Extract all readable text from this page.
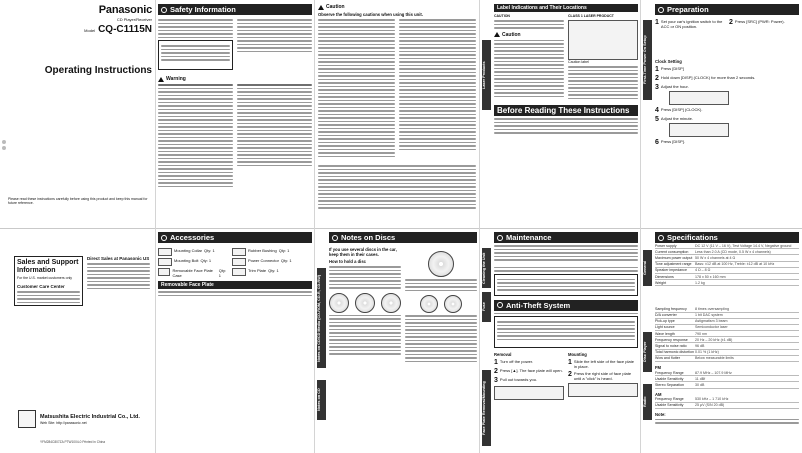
Panasonic
CD Player/Receiver
Model CQ-C1115N
Operating Instructions
Please read these instructions carefully before using this product and keep this manual for future reference.
Safety Information
Warning
Caution
Observe the following cautions when using this unit.
Laser Products
Label Indications and Their Locations
CAUTION
Caution
CLASS 1 LASER PRODUCT
Caution label
Before Reading These Instructions
First-Time Power On Setup
Preparation
1 Set your car's ignition switch to the ACC or ON position.
2 Press [SRC] (PWR: Power).
Clock Setting
1 Press [DISP]
2 Hold down [DISP] (CLOCK) for more than 2 seconds.
3 Adjust the hour.
4 Press [DISP] (CLOCK).
5 Adjust the minute.
6 Press [DISP].
Sales and Support Information
For the U.S. market customers only
Customer Care Center
Direct Sales at Panasonic US
Matsushita Electric Industrial Co., Ltd.
Web Site: http://panasonic.net
YFM284C807ZA PTW1004-0 Printed in China
Accessories
Mounting Collar Qty: 1
Mounting Bolt Qty: 1
Removable Face Plate Case
Qty: 1
Rubber Bushing Qty: 1
Power Connector Qty: 1
Trim Plate Qty: 1
Removable Face Plate	Notes on CD/CD Media (CD-ROM, CD-R, CD-RW)
Notes on CD
Notes on Discs
If you use several discs in the car, keep them in their cases.
How to hold a disc	Cleaning the Unit
Fuse
Face Plate Removal/Mounting
Maintenance
Anti-Theft System
Removal
1 Turn off the power.
2 Press [▲]. The face plate will open.
3 Pull out towards you.
Mounting
1 Slide the left side of the face plate in place.
2 Press the right side of face plate until a "click" is heard.
General
Disc Player
Radio
Specifications
Power supply	DC 12 V (11 V – 16 V), Test Voltage 14.4 V, Negative ground
Current consumption	Less than 2.0 A (CD mode, 0.5 W x 4 channels)
Maximum power output 50 W x 4 channels at 4 Ω
Tone adjustment range Bass: ±12 dB at 100 Hz, Treble: ±12 dB at 10 kHz
Speaker impedance	4 Ω – 8 Ω
Dimensions	178 x 50 x 160 mm
Weight	1.2 kg
Sampling frequency	8 times oversampling
D/A converter	1 bit DAC system
Pick-up type	Astigmatism 3 beam
Light source	Semiconductor laser
Wave length	790 nm
Frequency response	20 Hz – 20 kHz (±1 dB)
Signal to noise ratio	96 dB
Total harmonic distortion 0.01 % (1 kHz)
Wow and flutter	Below measurable limits
FM
Frequency Range	87.9 MHz – 107.9 MHz
Usable Sensitivity	11 dBf
Stereo Separation	30 dB
AM
Frequency Range	530 kHz – 1 710 kHz
Usable Sensitivity	25 μV (S/N 20 dB)
Note:
